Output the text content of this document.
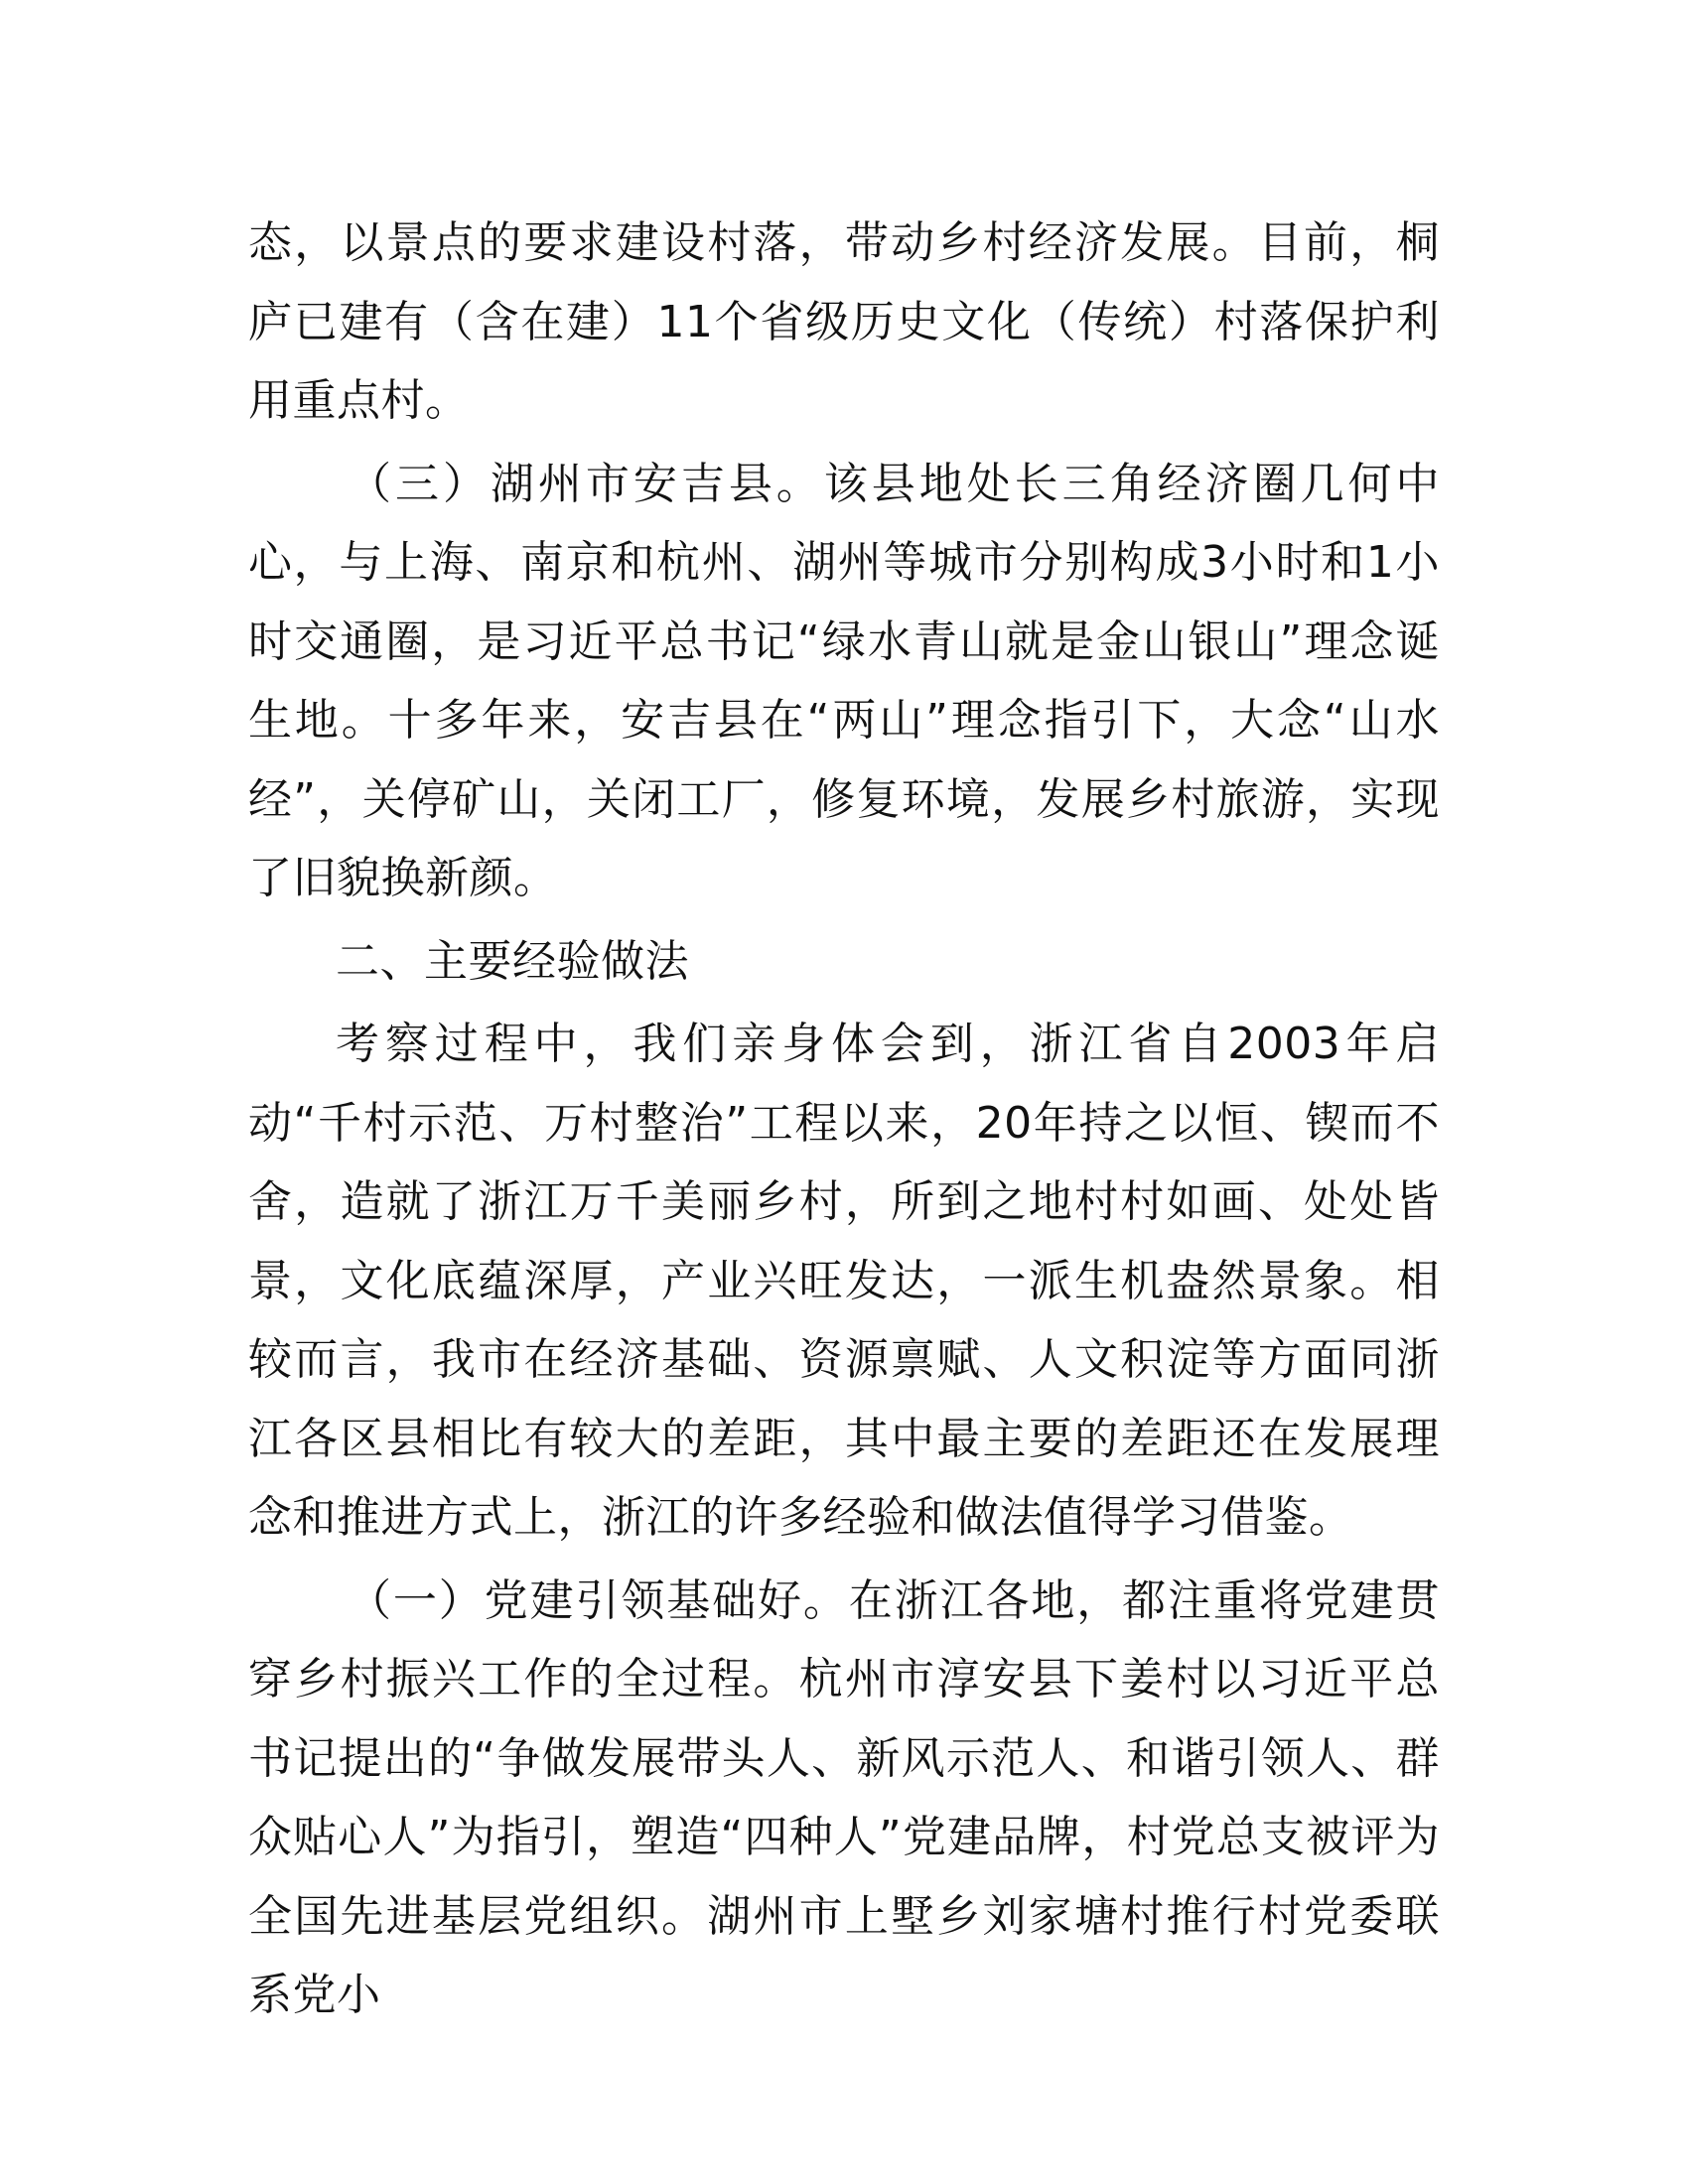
态，以景点的要求建设村落，带动乡村经济发展。目前，桐庐已建有（含在建）11个省级历史文化（传统）村落保护利用重点村。

（三）湖州市安吉县。该县地处长三角经济圈几何中心，与上海、南京和杭州、湖州等城市分别构成3小时和1小时交通圈，是习近平总书记“绿水青山就是金山银山”理念诞生地。十多年来，安吉县在“两山”理念指引下，大念“山水经”，关停矿山，关闭工厂，修复环境，发展乡村旅游，实现了旧貌换新颜。

二、主要经验做法

考察过程中，我们亲身体会到，浙江省自2003年启动“千村示范、万村整治”工程以来，20年持之以恒、锲而不舍，造就了浙江万千美丽乡村，所到之地村村如画、处处皆景，文化底蕴深厚，产业兴旺发达，一派生机盎然景象。相较而言，我市在经济基础、资源禀赋、人文积淀等方面同浙江各区县相比有较大的差距，其中最主要的差距还在发展理念和推进方式上，浙江的许多经验和做法值得学习借鉴。

（一）党建引领基础好。在浙江各地，都注重将党建贯穿乡村振兴工作的全过程。杭州市淳安县下姜村以习近平总书记提出的“争做发展带头人、新风示范人、和谐引领人、群众贴心人”为指引，塑造“四种人”党建品牌，村党总支被评为全国先进基层党组织。湖州市上墅乡刘家塘村推行村党委联系党小
